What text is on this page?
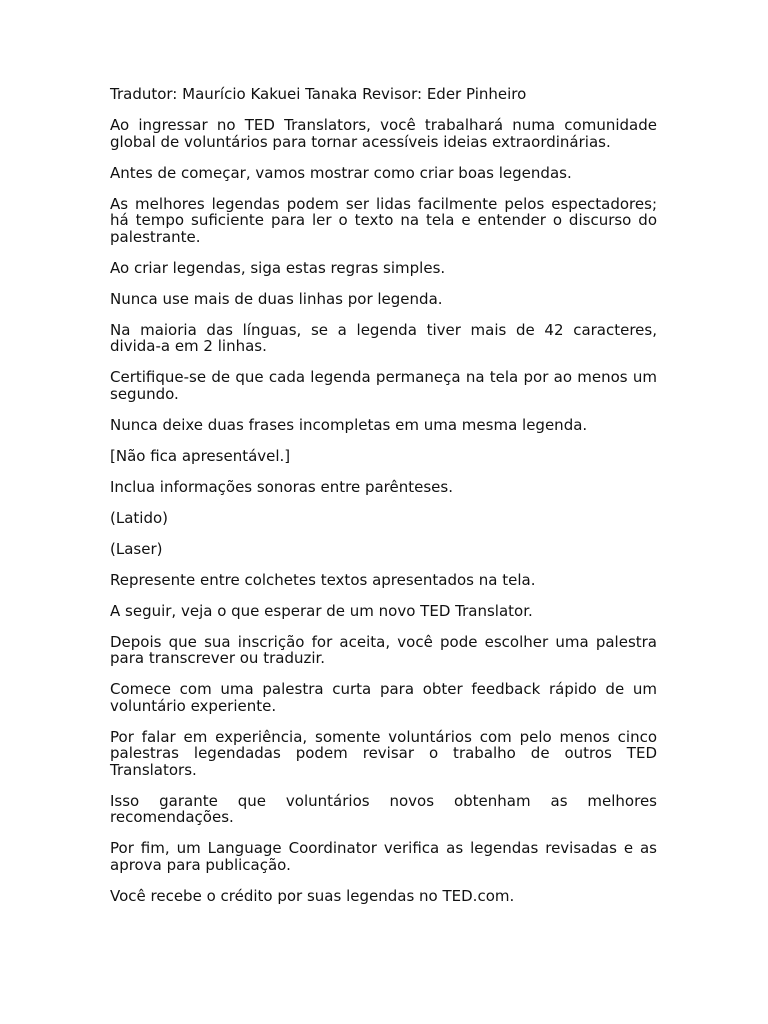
Tradutor: Maurício Kakuei Tanaka Revisor: Eder Pinheiro

Ao ingressar no TED Translators, você trabalhará numa comunidade global de voluntários para tornar acessíveis ideias extraordinárias.

Antes de começar, vamos mostrar como criar boas legendas.

As melhores legendas podem ser lidas facilmente pelos espectadores; há tempo suficiente para ler o texto na tela e entender o discurso do palestrante.

Ao criar legendas, siga estas regras simples.

Nunca use mais de duas linhas por legenda.

Na maioria das línguas, se a legenda tiver mais de 42 caracteres, divida-a em 2 linhas.

Certifique-se de que cada legenda permaneça na tela por ao menos um segundo.

Nunca deixe duas frases incompletas em uma mesma legenda.

[Não fica apresentável.]

Inclua informações sonoras entre parênteses.

(Latido)

(Laser)

Represente entre colchetes textos apresentados na tela.

A seguir, veja o que esperar de um novo TED Translator.

Depois que sua inscrição for aceita, você pode escolher uma palestra para transcrever ou traduzir.

Comece com uma palestra curta para obter feedback rápido de um voluntário experiente.

Por falar em experiência, somente voluntários com pelo menos cinco palestras legendadas podem revisar o trabalho de outros TED Translators.

Isso garante que voluntários novos obtenham as melhores recomendações.

Por fim, um Language Coordinator verifica as legendas revisadas e as aprova para publicação.

Você recebe o crédito por suas legendas no TED.com.
